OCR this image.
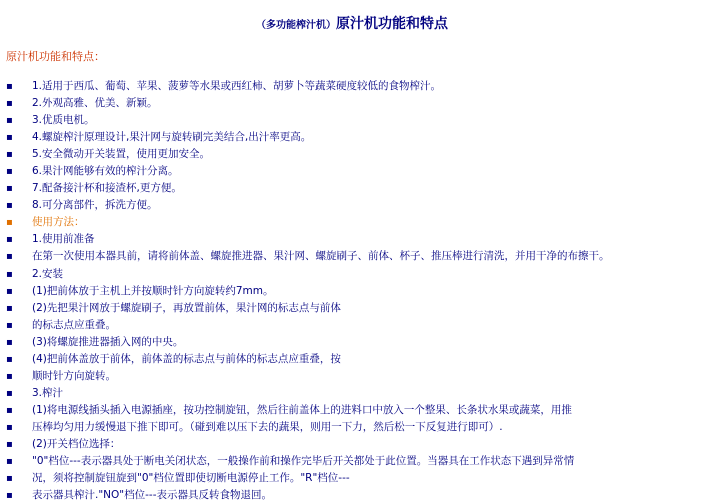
（多功能榨汁机）原汁机功能和特点
原汁机功能和特点：
▪ 1.适用于西瓜、葡萄、苹果、菠萝等水果或西红柿、胡萝卜等蔬菜硬度较低的食物榨汁。
▪ 2.外观高雅、优美、新颖。
▪ 3.优质电机。
▪ 4.螺旋榨汁原理设计,果汁网与旋转刷完美结合,出汁率更高。
▪ 5.安全微动开关装置，使用更加安全。
▪ 6.果汁网能够有效的榨汁分离。
▪ 7.配备接汁杯和接渣杯,更方便。
▪ 8.可分离部件，拆洗方便。
▪ 使用方法：
▪ 1.使用前准备
▪ 在第一次使用本器具前，请将前体盖、螺旋推进器、果汁网、螺旋刷子、前体、杯子、推压棒进行清洗，并用干净的布擦干。
▪ 2.安装
▪ (1)把前体放于主机上并按顺时针方向旋转约7mm。
▪ (2)先把果汁网放于螺旋刷子，再放置前体，果汁网的标志点与前体
▪ 的标志点应重叠。
▪ (3)将螺旋推进器插入网的中央。
▪ (4)把前体盖放于前体，前体盖的标志点与前体的标志点应重叠，按
▪ 顺时针方向旋转。
▪ 3.榨汁
▪ (1)将电源线插头插入电源插座，按功控制旋钮，然后往前盖体上的进料口中放入一个整果、长条状水果或蔬菜，用推
▪ 压棒均匀用力缓慢退下推下即可。（碰到难以压下去的蔬果，则用一下力，然后松一下反复进行即可）.
▪ (2)开关档位选择：
▪ "0"档位---表示器具处于断电关闭状态，一般操作前和操作完毕后开关都处于此位置。当器具在工作状态下遇到异常情
▪ 况，须将控制旋钮旋到"0"档位置即使切断电源停止工作。"R"档位---
▪ 表示器具榨汁."NO"档位---表示器具反转食物退回。
